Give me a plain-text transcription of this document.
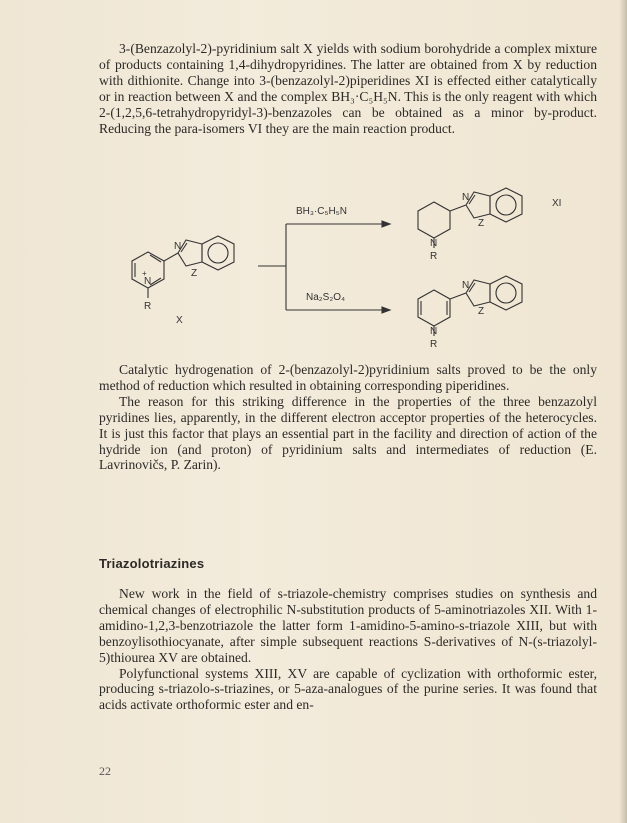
3-(Benzazolyl-2)-pyridinium salt X yields with sodium borohydride a complex mixture of products containing 1,4-dihydropyridines. The latter are obtained from X by reduction with dithionite. Change into 3-(benzazolyl-2)piperidines XI is effected either catalytically or in reaction between X and the complex BH₃·C₅H₅N. This is the only reagent with which 2-(1,2,5,6-tetrahydropyridyl-3)-benzazoles can be obtained as a minor by-product. Reducing the para-isomers VI they are the main reaction product.

N
Z
N
+
R
X
BH₃·C₅H₅N
Na₂S₂O₄
N
Z
N
R
XI
N
Z
N
R

Catalytic hydrogenation of 2-(benzazolyl-2)pyridinium salts proved to be the only method of reduction which resulted in obtaining corresponding piperidines.

The reason for this striking difference in the properties of the three benzazolyl pyridines lies, apparently, in the different electron acceptor properties of the heterocycles. It is just this factor that plays an essential part in the facility and direction of action of the hydride ion (and proton) of pyridinium salts and intermediates of reduction (E. Lavrinovičs, P. Zarin).

Triazolotriazines

New work in the field of s-triazole-chemistry comprises studies on synthesis and chemical changes of electrophilic N-substitution products of 5-aminotriazoles XII. With 1-amidino-1,2,3-benzotriazole the latter form 1-amidino-5-amino-s-triazole XIII, but with benzoylisothiocyanate, after simple subsequent reactions S-derivatives of N-(s-triazolyl-5)thiourea XV are obtained.

Polyfunctional systems XIII, XV are capable of cyclization with orthoformic ester, producing s-triazolo-s-triazines, or 5-aza-analogues of the purine series. It was found that acids activate orthoformic ester and en-

22
